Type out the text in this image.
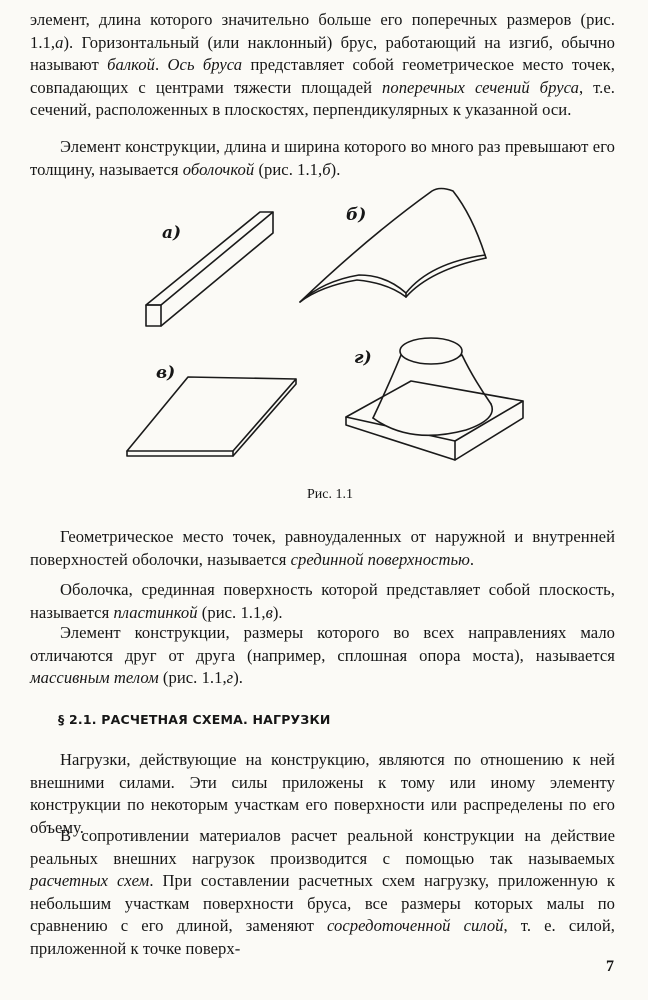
элемент, длина которого значительно больше его поперечных размеров (рис. 1.1,а). Горизонтальный (или наклонный) брус, работающий на изгиб, обычно называют балкой. Ось бруса представляет собой геометрическое место точек, совпадающих с центрами тяжести площадей поперечных сечений бруса, т.е. сечений, расположенных в плоскостях, перпендикулярных к указанной оси.

Элемент конструкции, длина и ширина которого во много раз превышают его толщину, называется оболочкой (рис. 1.1,б).

а)
б)
в)
г)
Рис. 1.1

Геометрическое место точек, равноудаленных от наружной и внутренней поверхностей оболочки, называется срединной поверхностью.

Оболочка, срединная поверхность которой представляет собой плоскость, называется пластинкой (рис. 1.1,в).

Элемент конструкции, размеры которого во всех направлениях мало отличаются друг от друга (например, сплошная опора моста), называется массивным телом (рис. 1.1,г).

§ 2.1. РАСЧЕТНАЯ СХЕМА. НАГРУЗКИ

Нагрузки, действующие на конструкцию, являются по отношению к ней внешними силами. Эти силы приложены к тому или иному элементу конструкции по некоторым участкам его поверхности или распределены по его объему.

В сопротивлении материалов расчет реальной конструкции на действие реальных внешних нагрузок производится с помощью так называемых расчетных схем. При составлении расчетных схем нагрузку, приложенную к небольшим участкам поверхности бруса, все размеры которых малы по сравнению с его длиной, заменяют сосредоточенной силой, т. е. силой, приложенной к точке поверх-

7
